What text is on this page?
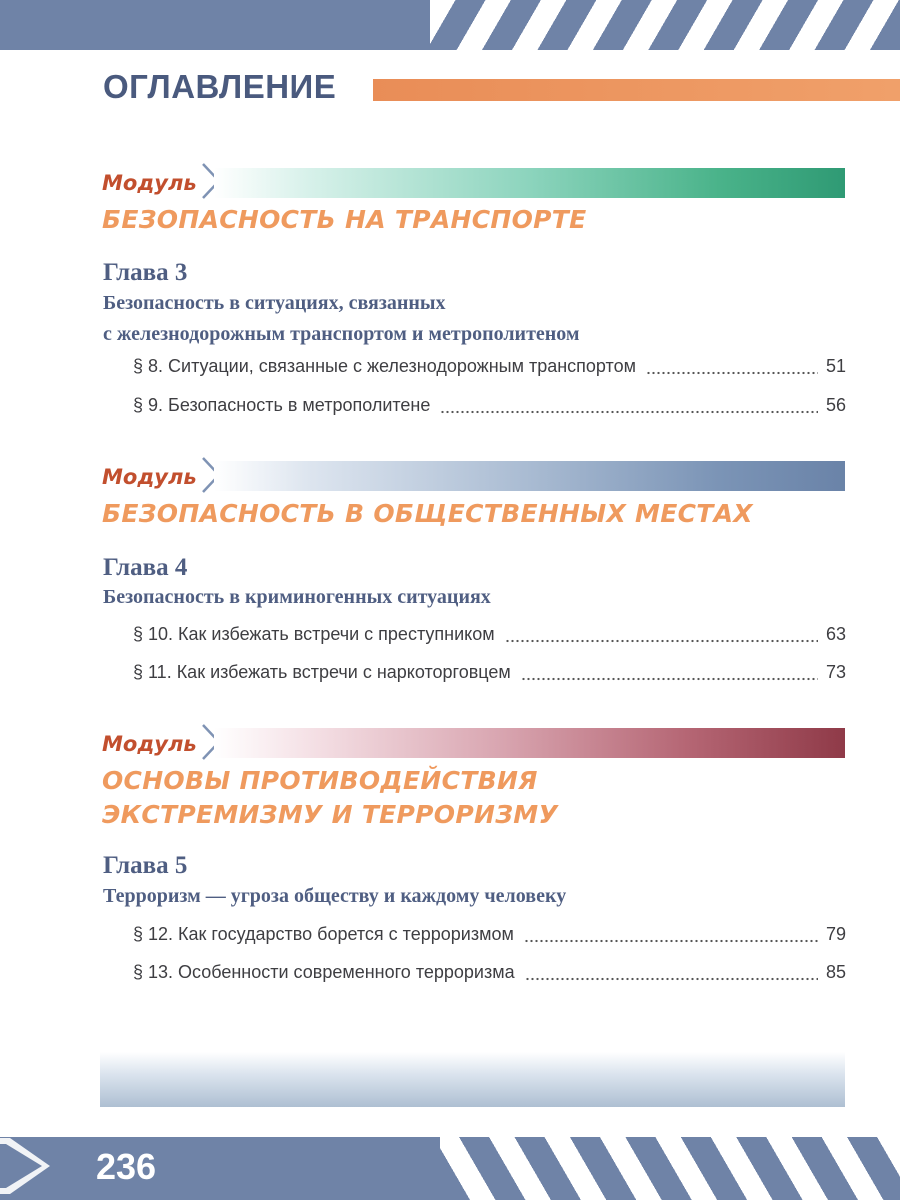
ОГЛАВЛЕНИЕ
Модуль
БЕЗОПАСНОСТЬ НА ТРАНСПОРТЕ
Глава 3
Безопасность в ситуациях, связанных
с железнодорожным транспортом и метрополитеном
§ 8. Ситуации, связанные с железнодорожным транспортом	51
§ 9. Безопасность в метрополитене	56
Модуль
БЕЗОПАСНОСТЬ В ОБЩЕСТВЕННЫХ МЕСТАХ
Глава 4
Безопасность в криминогенных ситуациях
§ 10. Как избежать встречи с преступником	63
§ 11. Как избежать встречи с наркоторговцем	73
Модуль
ОСНОВЫ ПРОТИВОДЕЙСТВИЯ
ЭКСТРЕМИЗМУ И ТЕРРОРИЗМУ
Глава 5
Терроризм — угроза обществу и каждому человеку
§ 12. Как государство борется с терроризмом	79
§ 13. Особенности современного терроризма	85
236
